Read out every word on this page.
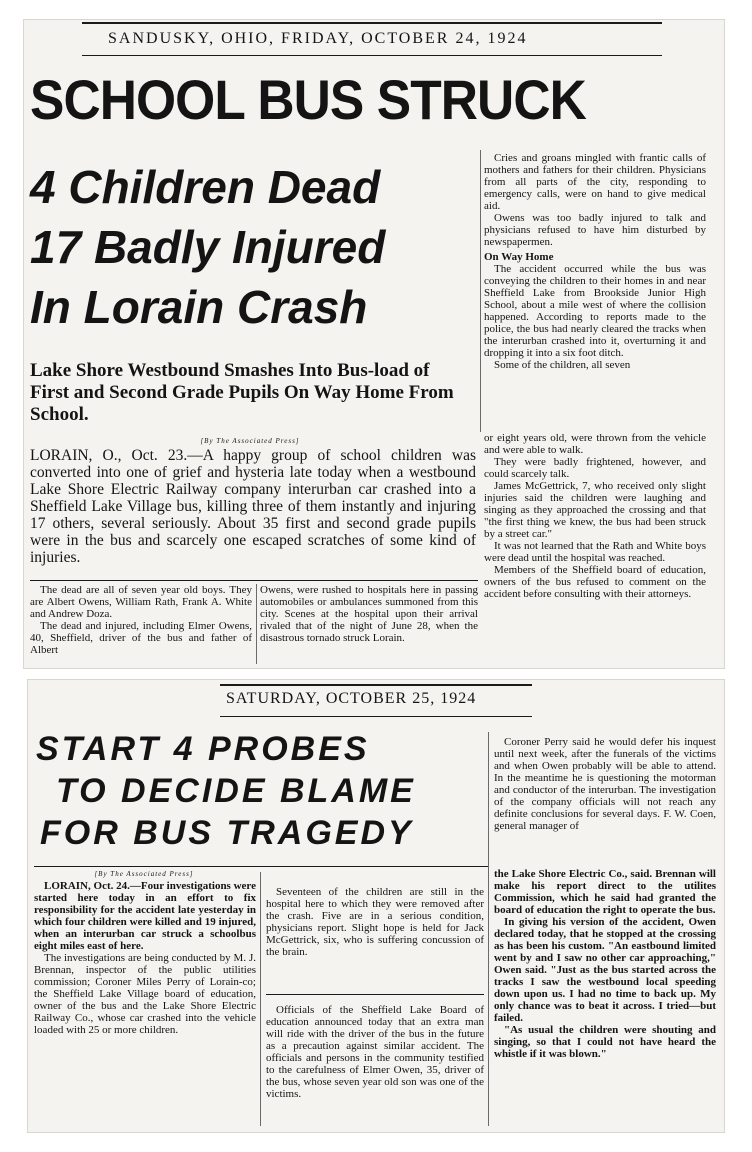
SANDUSKY, OHIO, FRIDAY, OCTOBER 24, 1924
SCHOOL BUS STRUCK
4 Children Dead
17 Badly Injured
In Lorain Crash
Lake Shore Westbound Smashes Into Bus-load of First and Second Grade Pupils On Way Home From School.
[By The Associated Press]
LORAIN, O., Oct. 23.—A happy group of school children was converted into one of grief and hysteria late today when a westbound Lake Shore Electric Railway company interurban car crashed into a Sheffield Lake Village bus, killing three of them instantly and injuring 17 others, several seriously. About 35 first and second grade pupils were in the bus and scarcely one escaped scratches of some kind of injuries.

The dead are all of seven year old boys. They are Albert Owens, William Rath, Frank A. White and Andrew Doza.

The dead and injured, including Elmer Owens, 40, Sheffield, driver of the bus and father of Albert

Owens, were rushed to hospitals here in passing automobiles or ambulances summoned from this city. Scenes at the hospital upon their arrival rivaled that of the night of June 28, when the disastrous tornado struck Lorain.

Cries and groans mingled with frantic calls of mothers and fathers for their children. Physicians from all parts of the city, responding to emergency calls, were on hand to give medical aid.

Owens was too badly injured to talk and physicians refused to have him disturbed by newspapermen.

On Way Home

The accident occurred while the bus was conveying the children to their homes in and near Sheffield Lake from Brookside Junior High School, about a mile west of where the collision happened. According to reports made to the police, the bus had nearly cleared the tracks when the interurban crashed into it, overturning it and dropping it into a six foot ditch.

Some of the children, all seven

or eight years old, were thrown from the vehicle and were able to walk.

They were badly frightened, however, and could scarcely talk.

James McGettrick, 7, who received only slight injuries said the children were laughing and singing as they approached the crossing and that "the first thing we knew, the bus had been struck by a street car."

It was not learned that the Rath and White boys were dead until the hospital was reached.

Members of the Sheffield board of education, owners of the bus refused to comment on the accident before consulting with their attorneys.

SATURDAY, OCTOBER 25, 1924
START 4 PROBES
TO DECIDE BLAME
FOR BUS TRAGEDY

Coroner Perry said he would defer his inquest until next week, after the funerals of the victims and when Owen probably will be able to attend. In the meantime he is questioning the motorman and conductor of the interurban. The investigation of the company officials will not reach any definite conclusions for several days. F. W. Coen, general manager of

[By The Associated Press]

LORAIN, Oct. 24.—Four investigations were started here today in an effort to fix responsibility for the accident late yesterday in which four children were killed and 19 injured, when an interurban car struck a schoolbus eight miles east of here.

The investigations are being conducted by M. J. Brennan, inspector of the public utilities commission; Coroner Miles Perry of Lorain-co; the Sheffield Lake Village board of education, owner of the bus and the Lake Shore Electric Railway Co., whose car crashed into the vehicle loaded with 25 or more children.

Seventeen of the children are still in the hospital here to which they were removed after the crash. Five are in a serious condition, physicians report. Slight hope is held for Jack McGettrick, six, who is suffering concussion of the brain.

Officials of the Sheffield Lake Board of education announced today that an extra man will ride with the driver of the bus in the future as a precaution against similar accident. The officials and persons in the community testified to the carefulness of Elmer Owen, 35, driver of the bus, whose seven year old son was one of the victims.

the Lake Shore Electric Co., said. Brennan will make his report direct to the utilites Commission, which he said had granted the board of education the right to operate the bus.

In giving his version of the accident, Owen declared today, that he stopped at the crossing as has been his custom. "An eastbound limited went by and I saw no other car approaching," Owen said. "Just as the bus started across the tracks I saw the westbound local speeding down upon us. I had no time to back up. My only chance was to beat it across. I tried—but failed.

"As usual the children were shouting and singing, so that I could not have heard the whistle if it was blown."
